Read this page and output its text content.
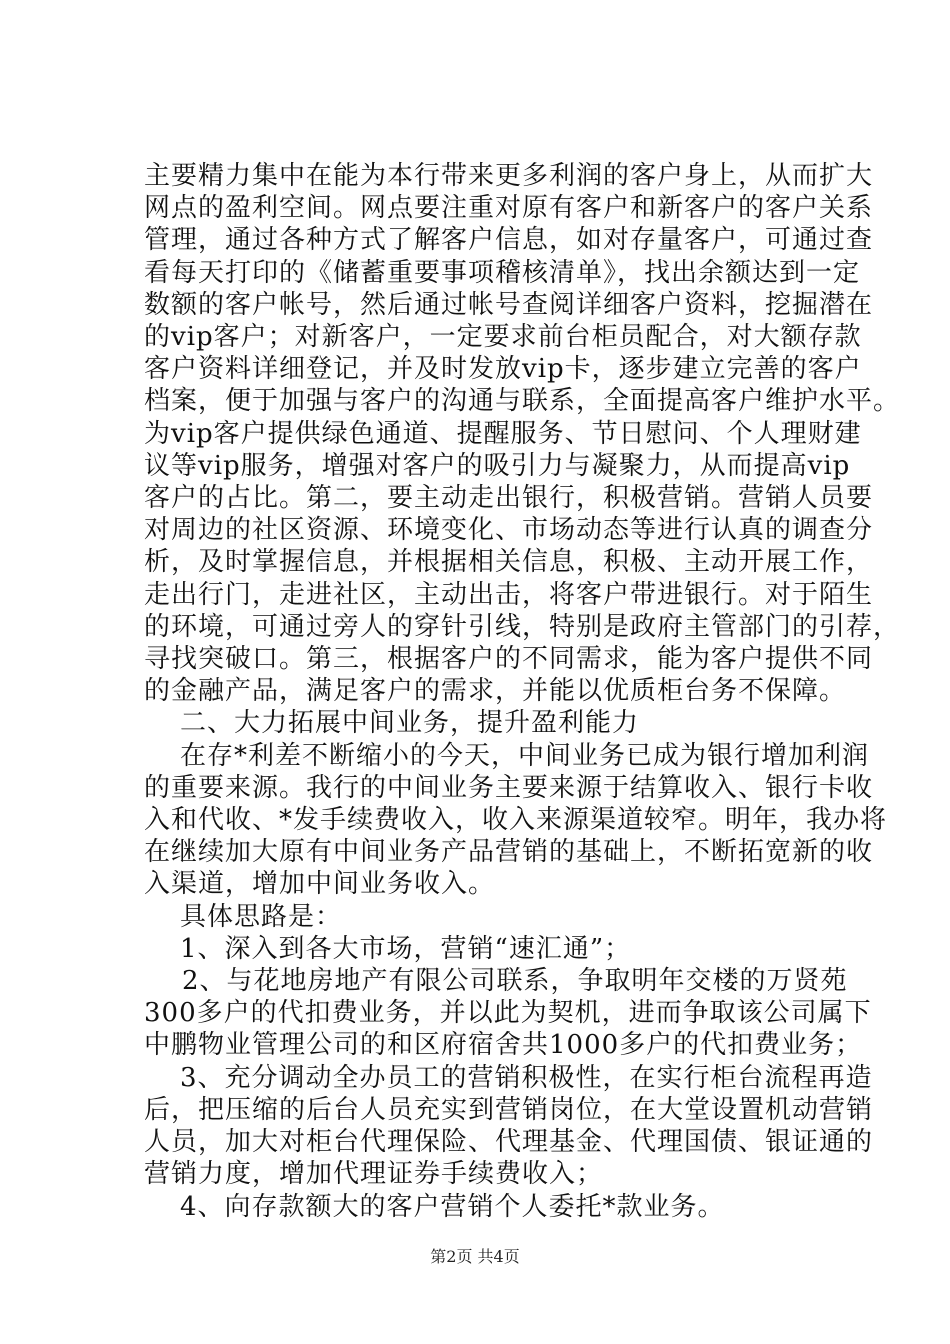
主要精力集中在能为本行带来更多利润的客户身上，从而扩大

网点的盈利空间。网点要注重对原有客户和新客户的客户关系

管理，通过各种方式了解客户信息，如对存量客户，可通过查

看每天打印的《储蓄重要事项稽核清单》，找出余额达到一定

数额的客户帐号，然后通过帐号查阅详细客户资料，挖掘潜在

的vip客户；对新客户，一定要求前台柜员配合，对大额存款

客户资料详细登记，并及时发放vip卡，逐步建立完善的客户

档案，便于加强与客户的沟通与联系，全面提高客户维护水平。

为vip客户提供绿色通道、提醒服务、节日慰问、个人理财建

议等vip服务，增强对客户的吸引力与凝聚力，从而提高vip

客户的占比。第二，要主动走出银行，积极营销。营销人员要

对周边的社区资源、环境变化、市场动态等进行认真的调查分

析，及时掌握信息，并根据相关信息，积极、主动开展工作，

走出行门，走进社区，主动出击，将客户带进银行。对于陌生

的环境，可通过旁人的穿针引线，特别是政府主管部门的引荐，

寻找突破口。第三，根据客户的不同需求，能为客户提供不同

的金融产品，满足客户的需求，并能以优质柜台务不保障。

二、大力拓展中间业务，提升盈利能力

在存*利差不断缩小的今天，中间业务已成为银行增加利润

的重要来源。我行的中间业务主要来源于结算收入、银行卡收

入和代收、*发手续费收入，收入来源渠道较窄。明年，我办将

在继续加大原有中间业务产品营销的基础上，不断拓宽新的收

入渠道，增加中间业务收入。

具体思路是：

1、深入到各大市场，营销“速汇通”；

2、与花地房地产有限公司联系，争取明年交楼的万贤苑

300多户的代扣费业务，并以此为契机，进而争取该公司属下

中鹏物业管理公司的和区府宿舍共1000多户的代扣费业务；

3、充分调动全办员工的营销积极性，在实行柜台流程再造

后，把压缩的后台人员充实到营销岗位，在大堂设置机动营销

人员，加大对柜台代理保险、代理基金、代理国债、银证通的

营销力度，增加代理证券手续费收入；

4、向存款额大的客户营销个人委托*款业务。

第2页 共4页
